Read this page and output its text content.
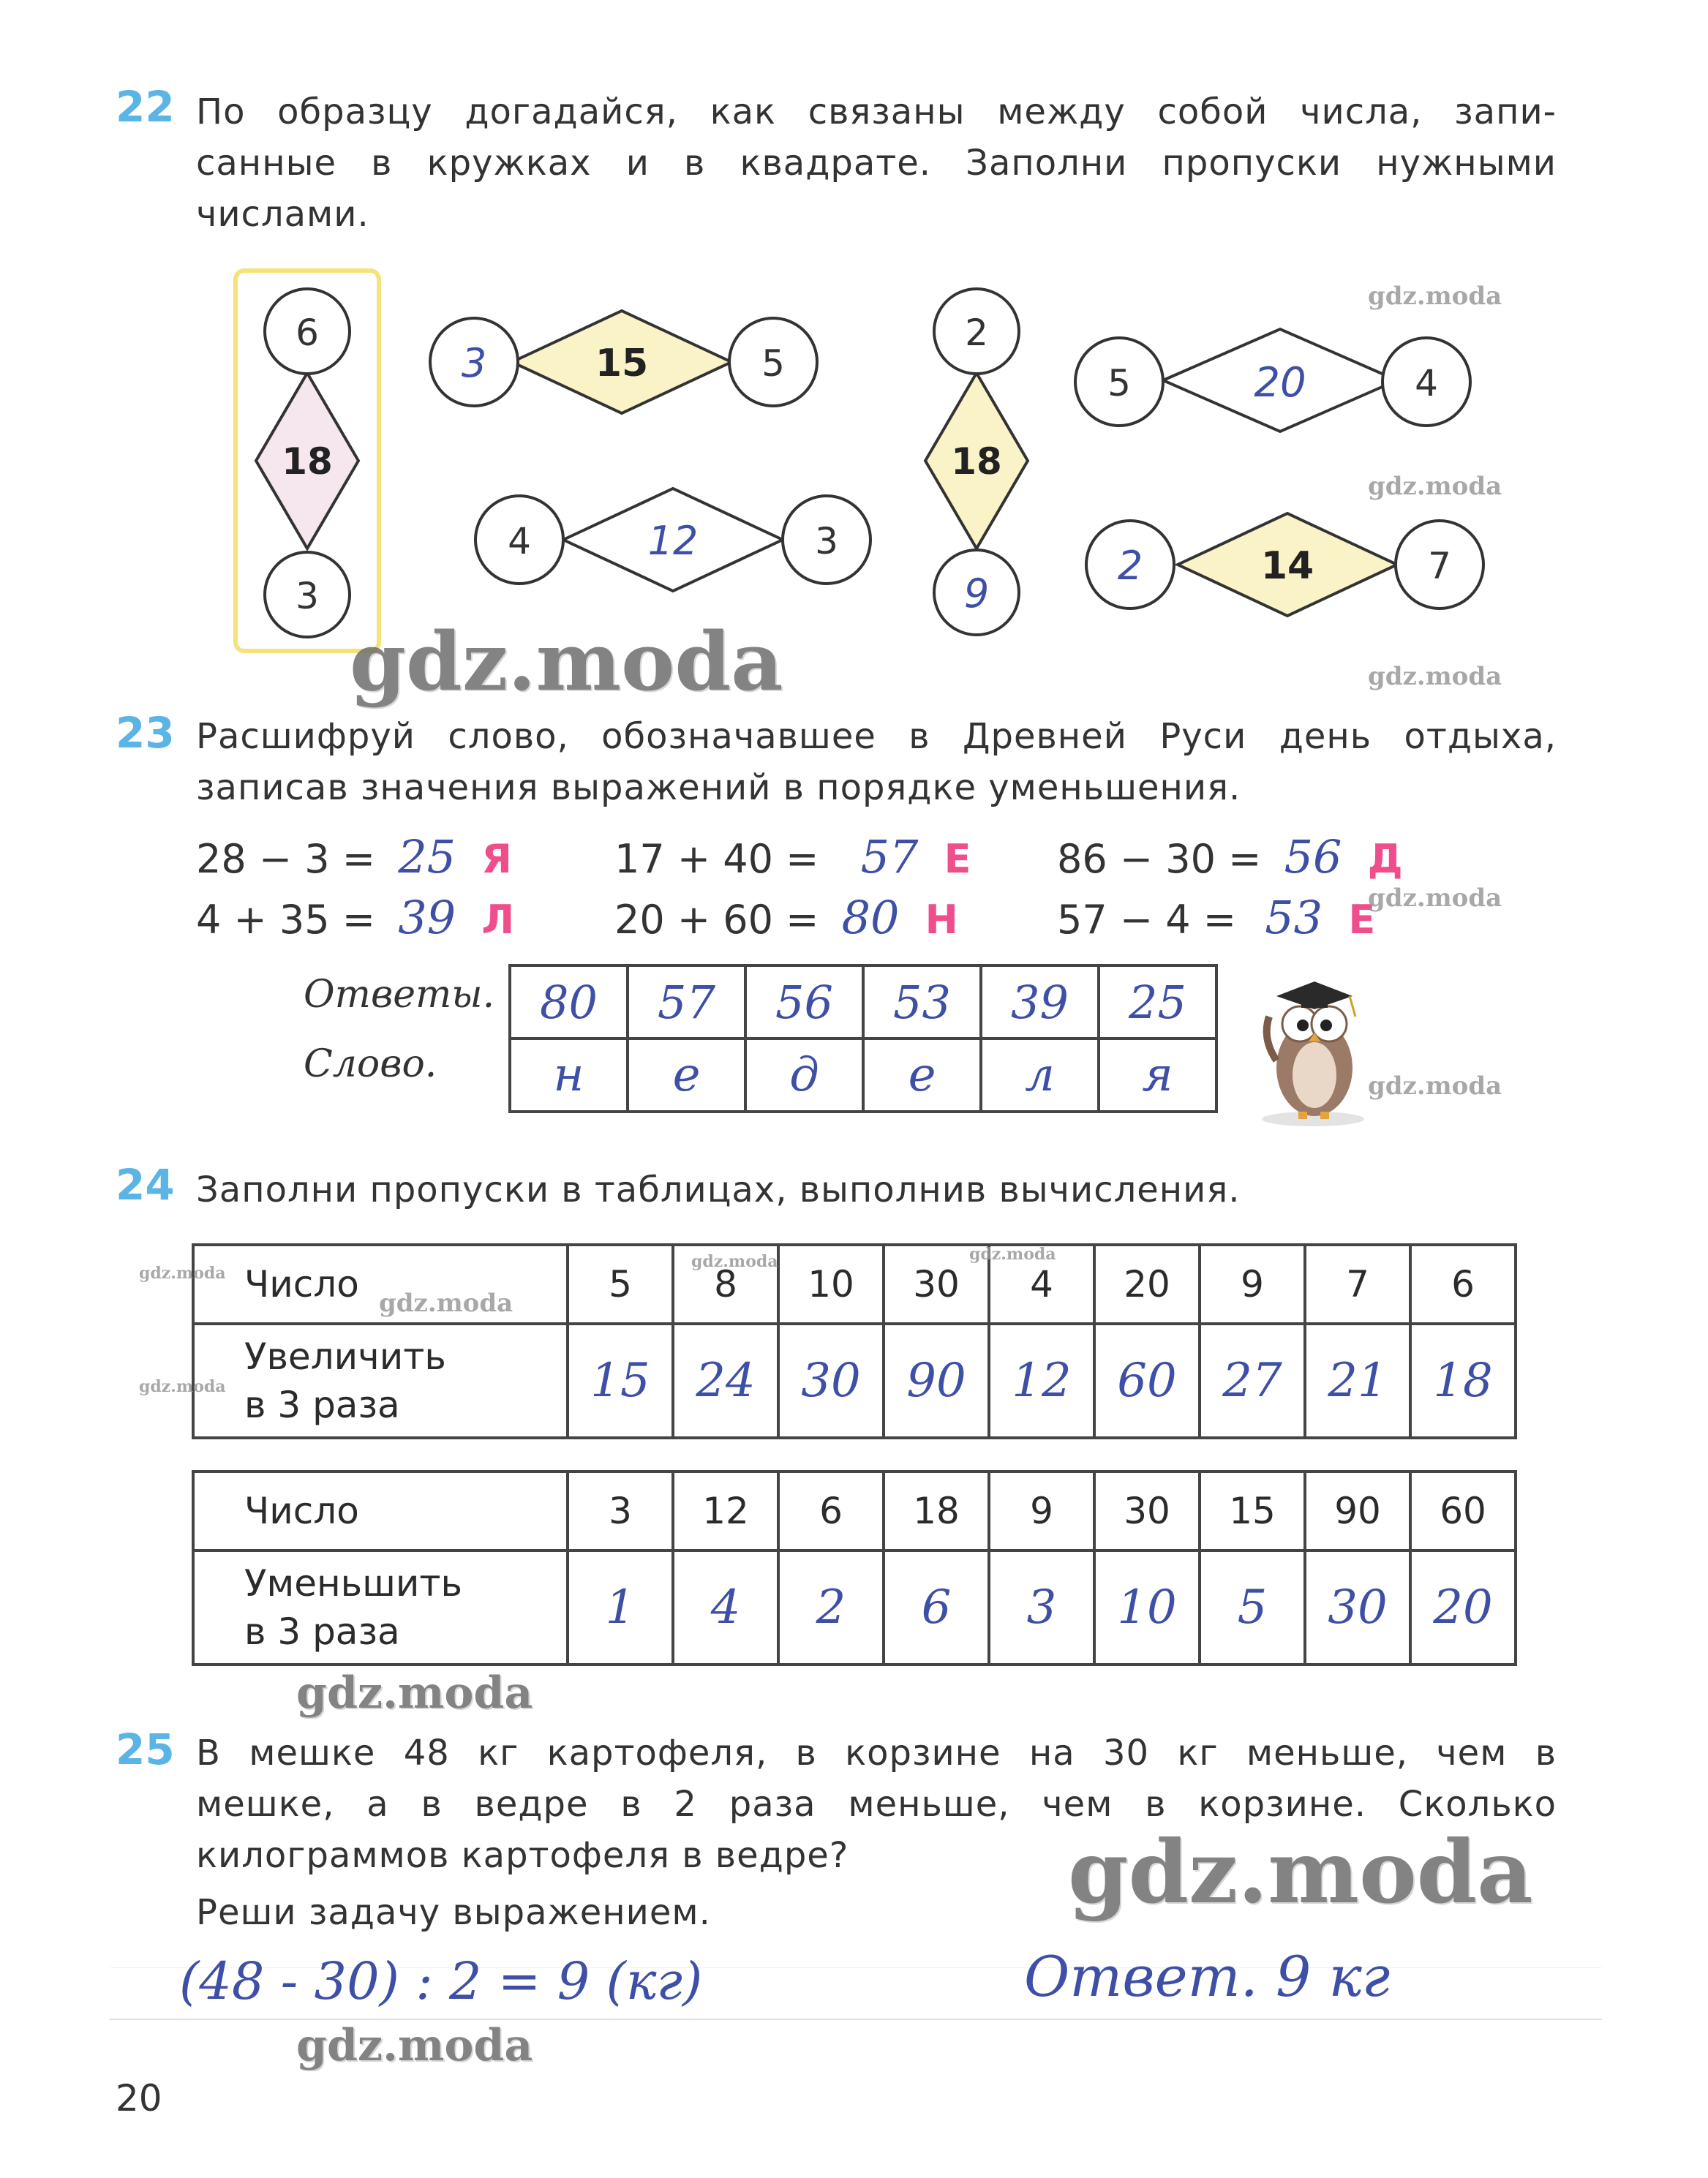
22 По образцу догадайся, как связаны между собой числа, запи-
санные в кружках и в квадрате. Заполни пропуски нужными
числами.
6
18
3
3	15	5
4	12	3
2
18
9
5	20	4
2	14	7
gdz.moda
gdz.moda
gdz.moda
gdz.moda
23 Расшифруй слово, обозначавшее в Древней Руси день отдыха,
записав значения выражений в порядке уменьшения.
28 − 3 = 25 Я	17 + 40 = 57 Е 86 − 30 = 56 Д
4 + 35 = 39 Л	20 + 60 = 80 Н	57 − 4 = 53 Е
gdz.moda
Ответы.
Слово.
80	57	56	53	39	25
н	е	д	е	л	я	gdz.moda
24 Заполни пропуски в таблицах, выполнив вычисления.
Число	5	8	10	30	4	20	9	7	6

Увеличить
в 3 раза	15	24	30	90	12	60	27	21	18
gdz.moda
gdz.moda
gdz.moda
gdz.moda	gdz.moda
Число	3	12	6	18	9	30	15	90	60

Уменьшить
в 3 раза	1	4	2	6	3	10	5	30	20
gdz.moda
25 В мешке 48 кг картофеля, в корзине на 30 кг меньше, чем в
мешке, а в ведре в 2 раза меньше, чем в корзине. Сколько
килограммов картофеля в ведре?
Реши задачу выражением.	gdz.moda
(48 - 30) : 2 = 9 (кг)	Ответ. 9 кг
gdz.moda
20
